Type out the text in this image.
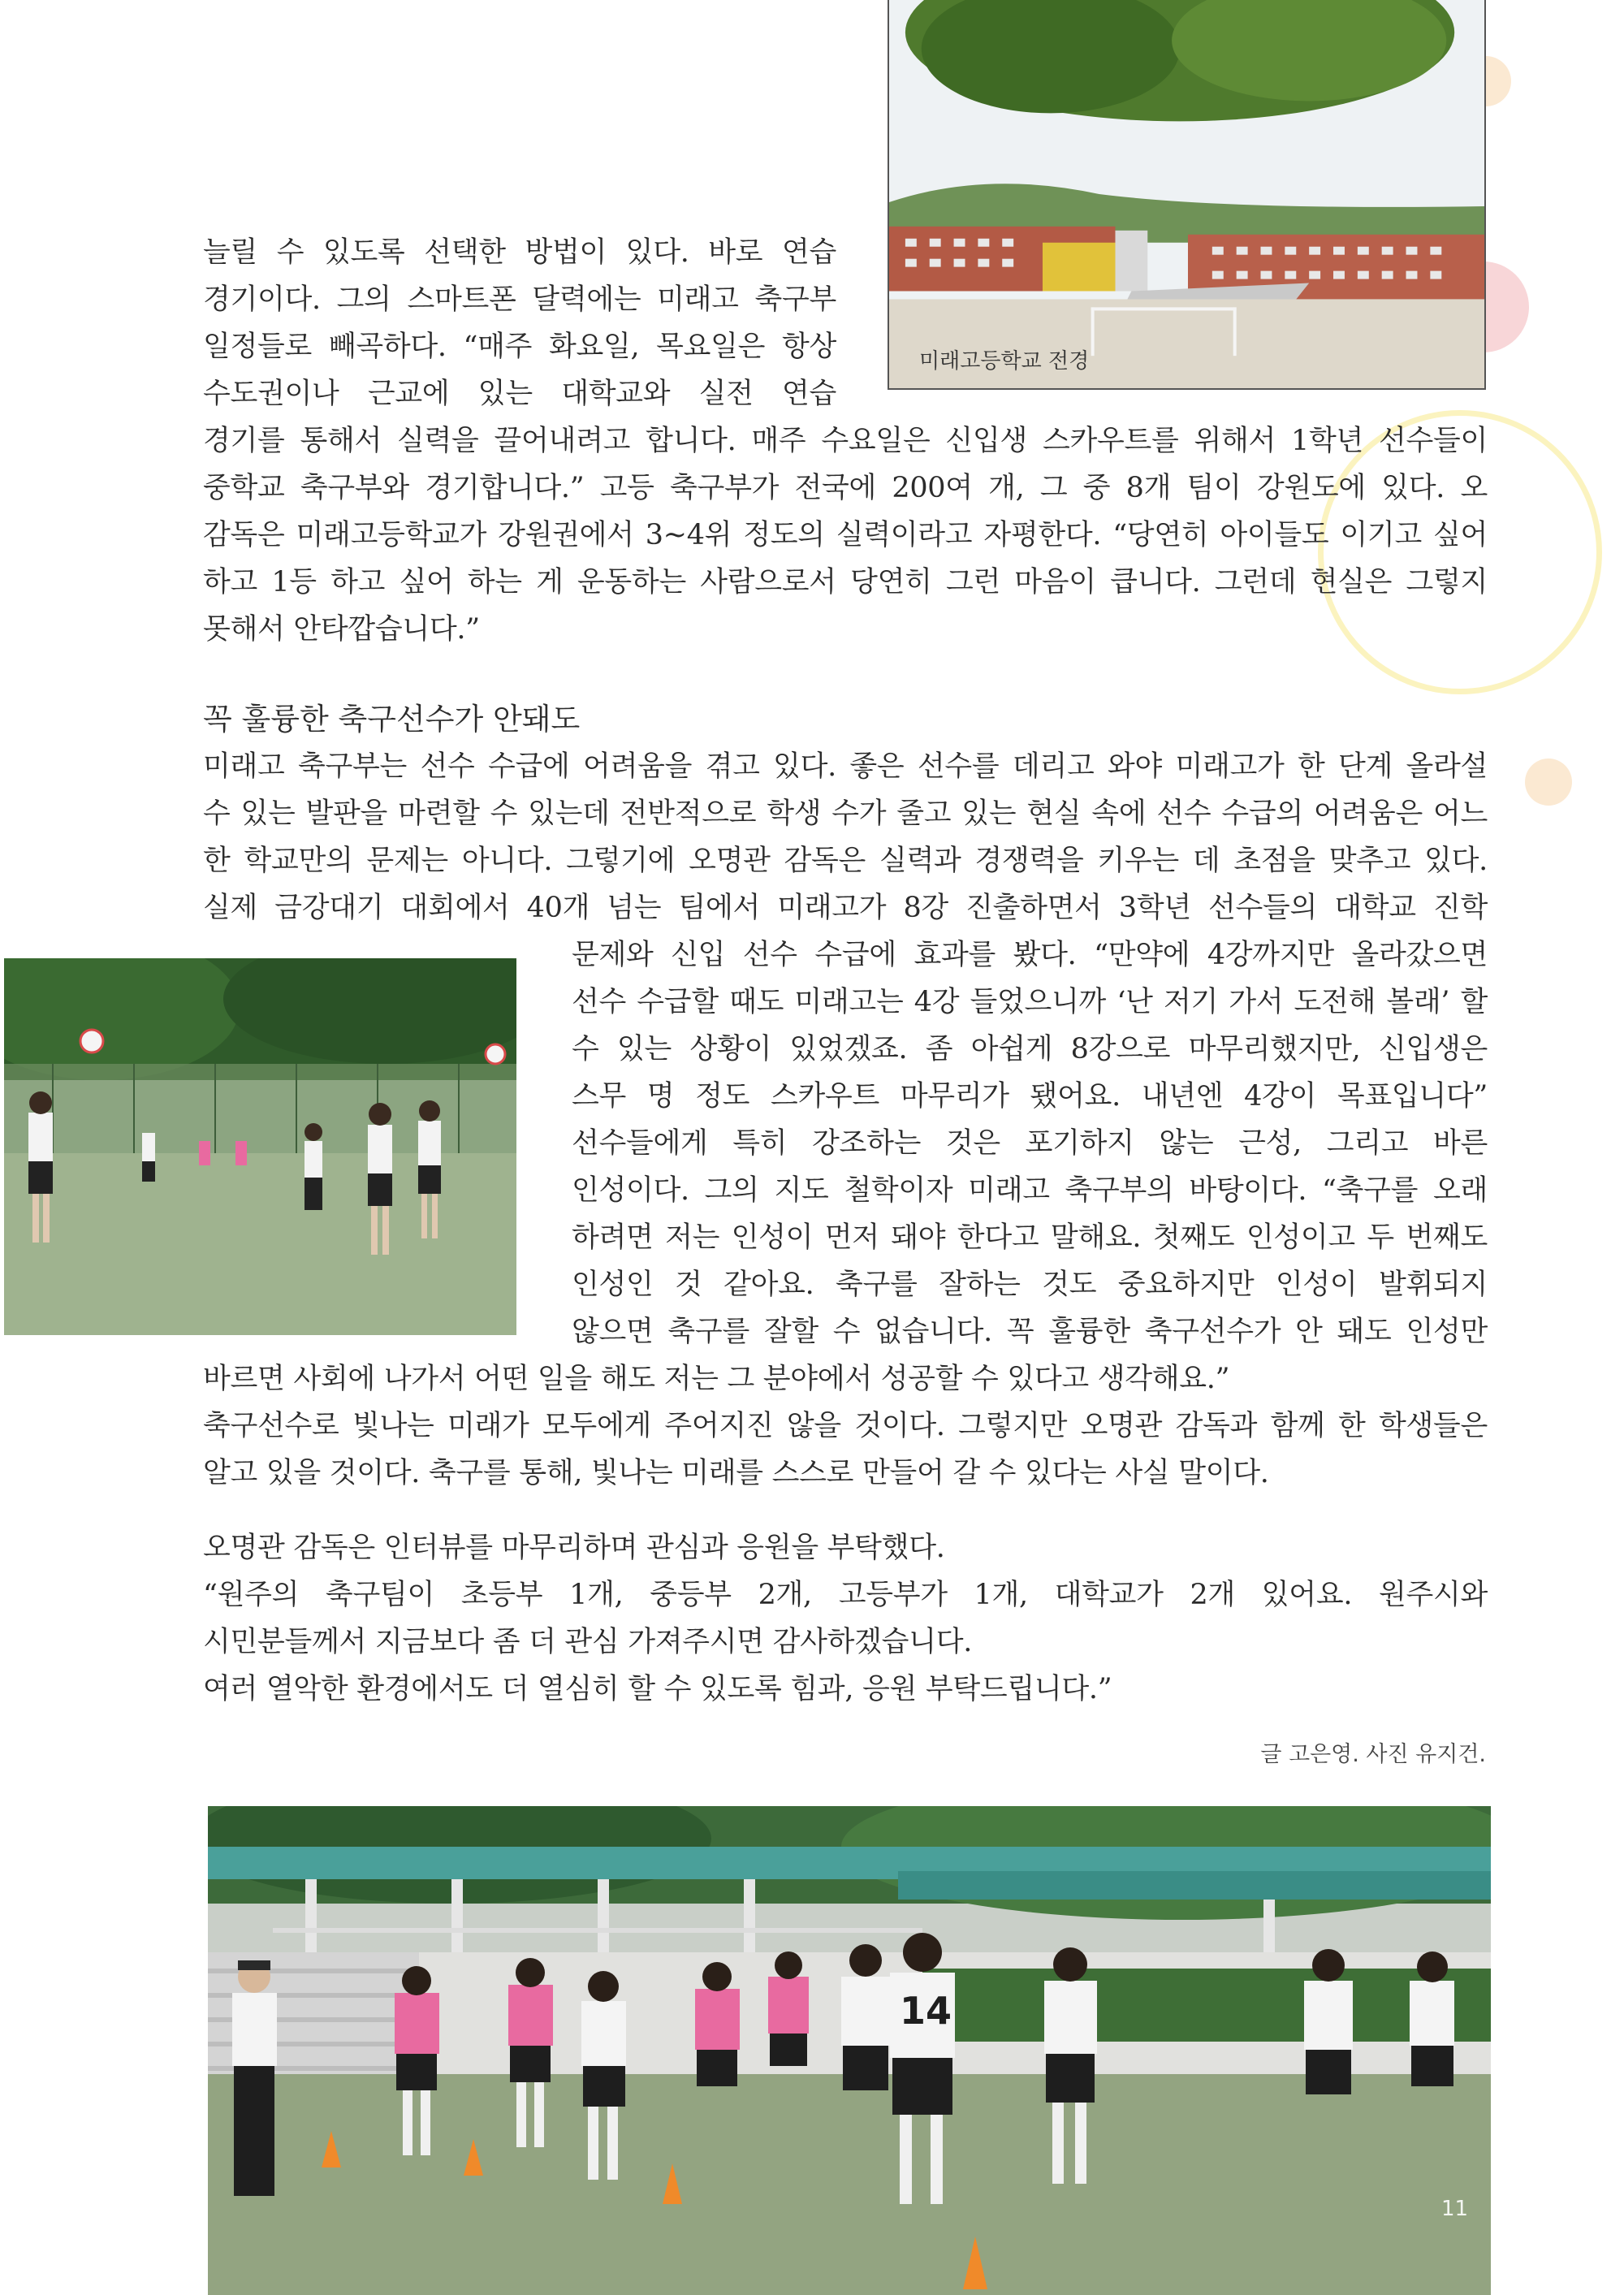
미래고등학교 전경
늘릴 수 있도록 선택한 방법이 있다. 바로 연습
경기이다. 그의 스마트폰 달력에는 미래고 축구부
일정들로 빼곡하다. “매주 화요일, 목요일은 항상
수도권이나 근교에 있는 대학교와 실전 연습
경기를 통해서 실력을 끌어내려고 합니다. 매주 수요일은 신입생 스카우트를 위해서 1학년 선수들이
중학교 축구부와 경기합니다.” 고등 축구부가 전국에 200여 개, 그 중 8개 팀이 강원도에 있다. 오
감독은 미래고등학교가 강원권에서 3~4위 정도의 실력이라고 자평한다. “당연히 아이들도 이기고 싶어
하고 1등 하고 싶어 하는 게 운동하는 사람으로서 당연히 그런 마음이 큽니다. 그런데 현실은 그렇지
못해서 안타깝습니다.”
꼭 훌륭한 축구선수가 안돼도
미래고 축구부는 선수 수급에 어려움을 겪고 있다. 좋은 선수를 데리고 와야 미래고가 한 단계 올라설
수 있는 발판을 마련할 수 있는데 전반적으로 학생 수가 줄고 있는 현실 속에 선수 수급의 어려움은 어느
한 학교만의 문제는 아니다. 그렇기에 오명관 감독은 실력과 경쟁력을 키우는 데 초점을 맞추고 있다.
실제 금강대기 대회에서 40개 넘는 팀에서 미래고가 8강 진출하면서 3학년 선수들의 대학교 진학
문제와 신입 선수 수급에 효과를 봤다. “만약에 4강까지만 올라갔으면
선수 수급할 때도 미래고는 4강 들었으니까 ‘난 저기 가서 도전해 볼래’ 할
수 있는 상황이 있었겠죠. 좀 아쉽게 8강으로 마무리했지만, 신입생은
스무 명 정도 스카우트 마무리가 됐어요. 내년엔 4강이 목표입니다”
선수들에게 특히 강조하는 것은 포기하지 않는 근성, 그리고 바른
인성이다. 그의 지도 철학이자 미래고 축구부의 바탕이다. “축구를 오래
하려면 저는 인성이 먼저 돼야 한다고 말해요. 첫째도 인성이고 두 번째도
인성인 것 같아요. 축구를 잘하는 것도 중요하지만 인성이 발휘되지
않으면 축구를 잘할 수 없습니다. 꼭 훌륭한 축구선수가 안 돼도 인성만
바르면 사회에 나가서 어떤 일을 해도 저는 그 분야에서 성공할 수 있다고 생각해요.”
축구선수로 빛나는 미래가 모두에게 주어지진 않을 것이다. 그렇지만 오명관 감독과 함께 한 학생들은
알고 있을 것이다. 축구를 통해, 빛나는 미래를 스스로 만들어 갈 수 있다는 사실 말이다.
오명관 감독은 인터뷰를 마무리하며 관심과 응원을 부탁했다.
“원주의 축구팀이 초등부 1개, 중등부 2개, 고등부가 1개, 대학교가 2개 있어요. 원주시와
시민분들께서 지금보다 좀 더 관심 가져주시면 감사하겠습니다.
여러 열악한 환경에서도 더 열심히 할 수 있도록 힘과, 응원 부탁드립니다.”
글 고은영. 사진 유지건.
14
11
